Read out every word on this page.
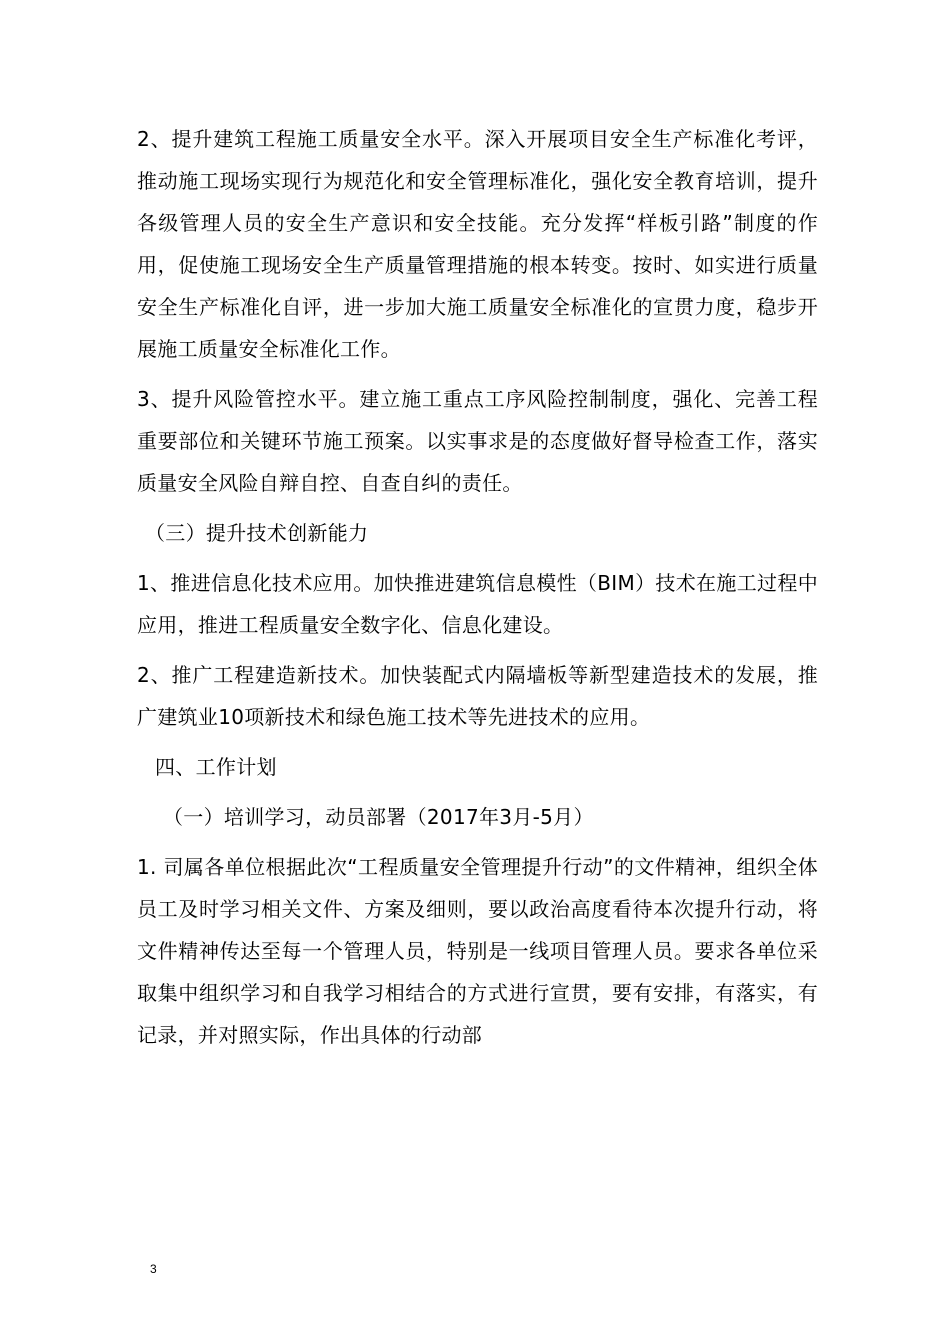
2、提升建筑工程施工质量安全水平。深入开展项目安全生产标准化考评，推动施工现场实现行为规范化和安全管理标准化，强化安全教育培训，提升各级管理人员的安全生产意识和安全技能。充分发挥“样板引路”制度的作用，促使施工现场安全生产质量管理措施的根本转变。按时、如实进行质量安全生产标准化自评，进一步加大施工质量安全标准化的宣贯力度，稳步开展施工质量安全标准化工作。

3、提升风险管控水平。建立施工重点工序风险控制制度，强化、完善工程重要部位和关键环节施工预案。以实事求是的态度做好督导检查工作，落实质量安全风险自辩自控、自查自纠的责任。

（三）提升技术创新能力

1、推进信息化技术应用。加快推进建筑信息模性（BIM）技术在施工过程中应用，推进工程质量安全数字化、信息化建设。

2、推广工程建造新技术。加快装配式内隔墙板等新型建造技术的发展，推广建筑业10项新技术和绿色施工技术等先进技术的应用。

四、工作计划

（一）培训学习，动员部署（2017年3月-5月）

1. 司属各单位根据此次“工程质量安全管理提升行动”的文件精神，组织全体员工及时学习相关文件、方案及细则，要以政治高度看待本次提升行动，将文件精神传达至每一个管理人员，特别是一线项目管理人员。要求各单位采取集中组织学习和自我学习相结合的方式进行宣贯，要有安排，有落实，有记录，并对照实际，作出具体的行动部

3
